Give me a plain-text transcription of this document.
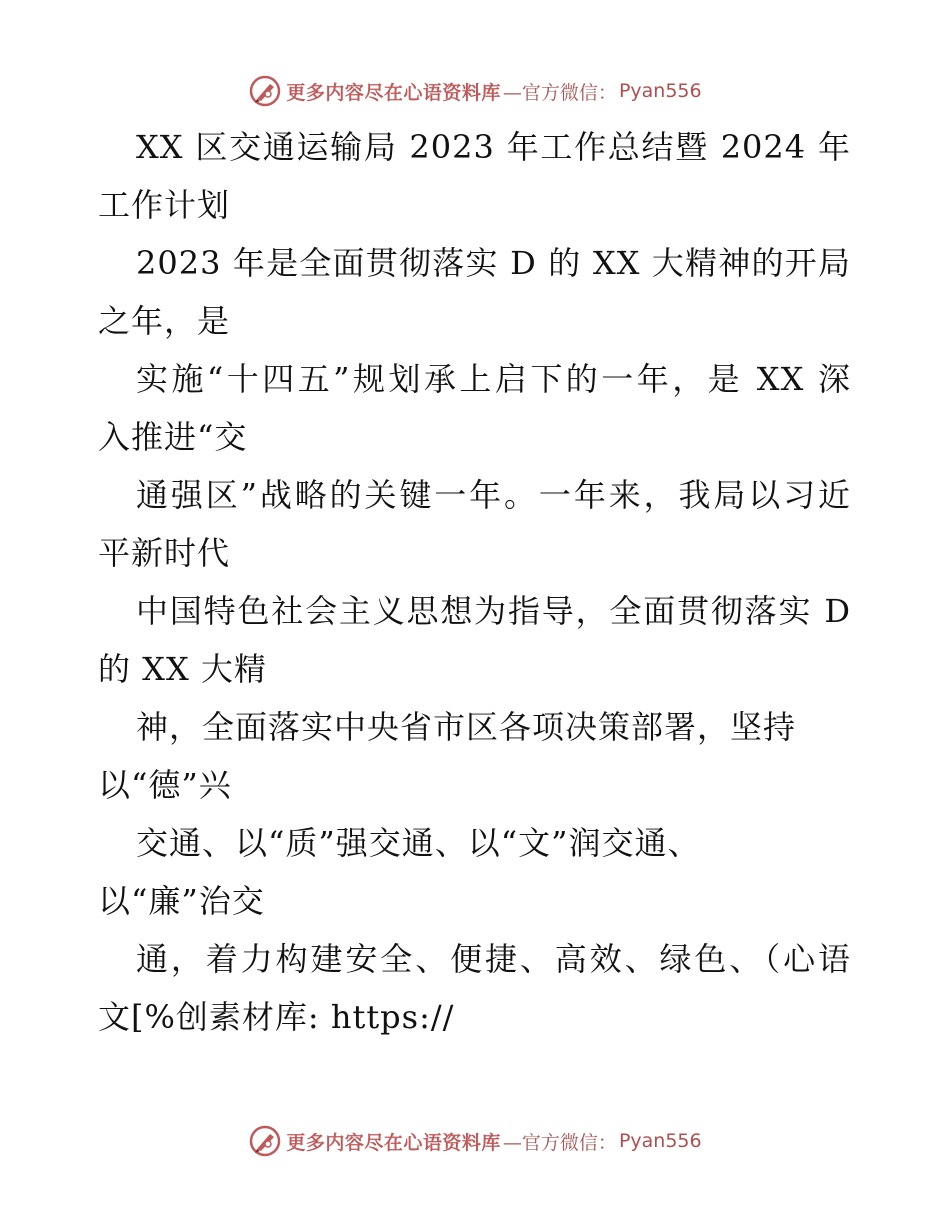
更多内容尽在心语资料库 —官方微信： Pyan556
XX 区交通运输局 2023 年工作总结暨 2024 年
工作计划
2023 年是全面贯彻落实 D 的 XX 大精神的开局
之年，是
实施“十四五”规划承上启下的一年，是 XX 深
入推进“交
通强区”战略的关键一年。一年来，我局以习近
平新时代
中国特色社会主义思想为指导，全面贯彻落实 D
的 XX 大精
神，全面落实中央省市区各项决策部署，坚持
以“德”兴
交通、以“质”强交通、以“文”润交通、
以“廉”治交
通，着力构建安全、便捷、高效、绿色、（心语
文[%创素材库: https://
更多内容尽在心语资料库 —官方微信： Pyan556
